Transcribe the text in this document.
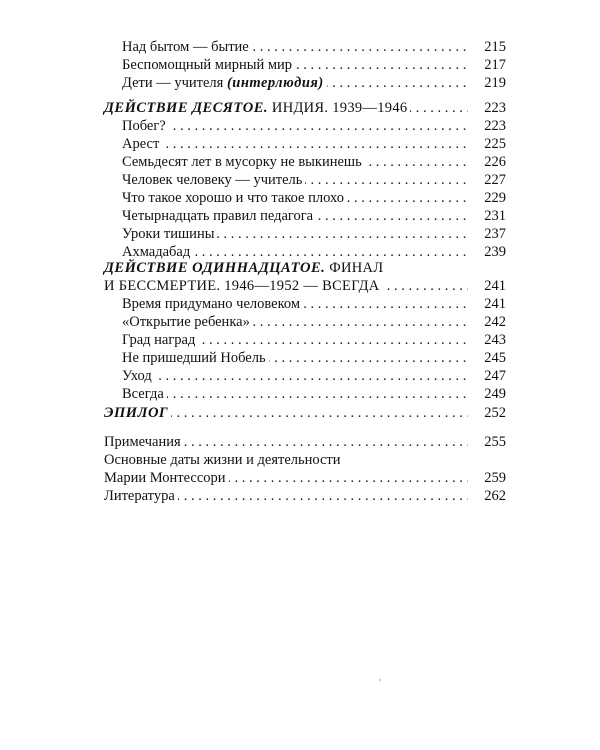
. . .
Над бытом — бытие	215
. . .
Беспомощный мирный мир	217
. . .
Дети — учителя (интерлюдия)	219
. . .
ДЕЙСТВИЕ ДЕСЯТОЕ. ИНДИЯ. 1939—1946	223
. . .
Побег?	223
. . .
Арест	225
. . .
Семьдесят лет в мусорку не выкинешь	226
. . .
Человек человеку — учитель	227
. . .
Что такое хорошо и что такое плохо	229
. . .
Четырнадцать правил педагога	231
. . .
Уроки тишины	237
. . .
Ахмадабад	239
ДЕЙСТВИЕ ОДИННАДЦАТОЕ. ФИНАЛ
. . .
И БЕССМЕРТИЕ. 1946—1952 — ВСЕГДА	241
. . .
Время придумано человеком	241
. . .
«Открытие ребенка»	242
. . .
Град наград	243
. . .
Не пришедший Нобель	245
. . .
Уход	247
. . .
Всегда	249
. . .
ЭПИЛОГ	252
. . .
Примечания	255
Основные даты жизни и деятельности
. . .
Марии Монтессори	259
. . .
Литература	262
